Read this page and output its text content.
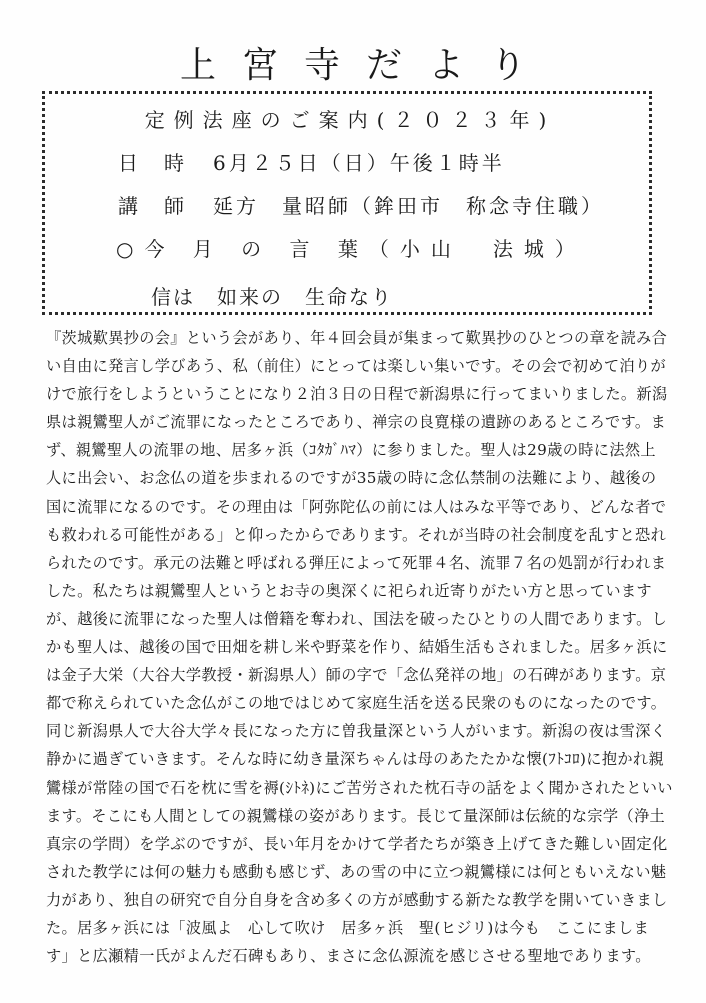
上宮寺だより
定例法座のご案内(２０２３年)
日時 6月２５日（日）午後１時半
講師 延方　量昭師（鉾田市　称念寺住職）
○今 月 の 言 葉（小山　法城）
信は　如来の　生命なり
『茨城歎異抄の会』という会があり、年４回会員が集まって歎異抄のひとつの章を読み合
い自由に発言し学びあう、私（前住）にとっては楽しい集いです。その会で初めて泊りが
けで旅行をしようということになり２泊３日の日程で新潟県に行ってまいりました。新潟
県は親鸞聖人がご流罪になったところであり、禅宗の良寛様の遺跡のあるところです。ま
ず、親鸞聖人の流罪の地、居多ヶ浜（ｺﾀｶﾞﾊﾏ）に参りました。聖人は29歳の時に法然上
人に出会い、お念仏の道を歩まれるのですが35歳の時に念仏禁制の法難により、越後の
国に流罪になるのです。その理由は「阿弥陀仏の前には人はみな平等であり、どんな者で
も救われる可能性がある」と仰ったからであります。それが当時の社会制度を乱すと恐れ
られたのです。承元の法難と呼ばれる弾圧によって死罪４名、流罪７名の処罰が行われま
した。私たちは親鸞聖人というとお寺の奥深くに祀られ近寄りがたい方と思っています
が、越後に流罪になった聖人は僧籍を奪われ、国法を破ったひとりの人間であります。し
かも聖人は、越後の国で田畑を耕し米や野菜を作り、結婚生活もされました。居多ヶ浜に
は金子大栄（大谷大学教授・新潟県人）師の字で「念仏発祥の地」の石碑があります。京
都で称えられていた念仏がこの地ではじめて家庭生活を送る民衆のものになったのです。
同じ新潟県人で大谷大学々長になった方に曽我量深という人がいます。新潟の夜は雪深く
静かに過ぎていきます。そんな時に幼き量深ちゃんは母のあたたかな懐(ﾌﾄｺﾛ)に抱かれ親
鸞様が常陸の国で石を枕に雪を褥(ｼﾄﾈ)にご苦労された枕石寺の話をよく聞かされたといい
ます。そこにも人間としての親鸞様の姿があります。長じて量深師は伝統的な宗学（浄土
真宗の学問）を学ぶのですが、長い年月をかけて学者たちが築き上げてきた難しい固定化
された教学には何の魅力も感動も感じず、あの雪の中に立つ親鸞様には何ともいえない魅
力があり、独自の研究で自分自身を含め多くの方が感動する新たな教学を開いていきまし
た。居多ヶ浜には「波風よ　心して吹け　居多ヶ浜　聖(ヒジリ)は今も　ここにましま
す」と広瀬精一氏がよんだ石碑もあり、まさに念仏源流を感じさせる聖地であります。
